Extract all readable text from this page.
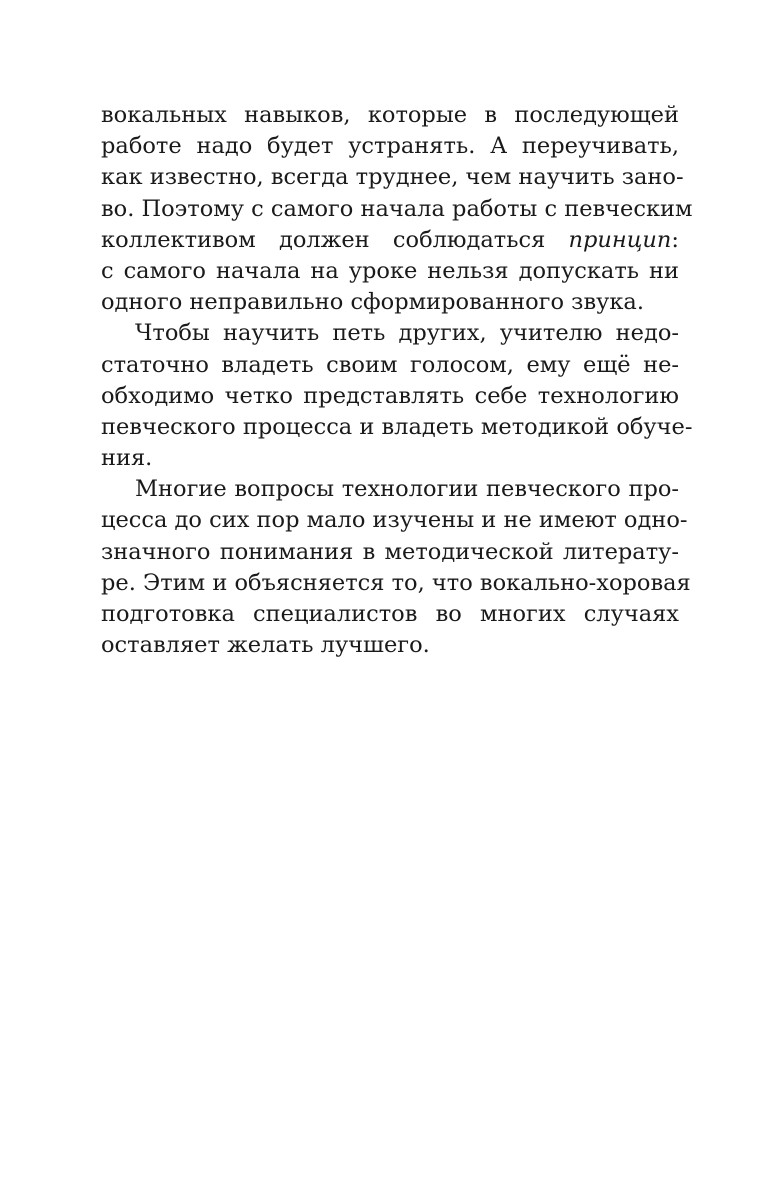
вокальных навыков, которые в последующей
работе надо будет устранять. А переучивать,
как известно, всегда труднее, чем научить зано-
во. Поэтому с самого начала работы с певческим
коллективом должен соблюдаться принцип:
с самого начала на уроке нельзя допускать ни
одного неправильно сформированного звука.
Чтобы научить петь других, учителю недо-
статочно владеть своим голосом, ему ещё не-
обходимо четко представлять себе технологию
певческого процесса и владеть методикой обуче-
ния.
Многие вопросы технологии певческого про-
цесса до сих пор мало изучены и не имеют одно-
значного понимания в методической литерату-
ре. Этим и объясняется то, что вокально-хоровая
подготовка специалистов во многих случаях
оставляет желать лучшего.
